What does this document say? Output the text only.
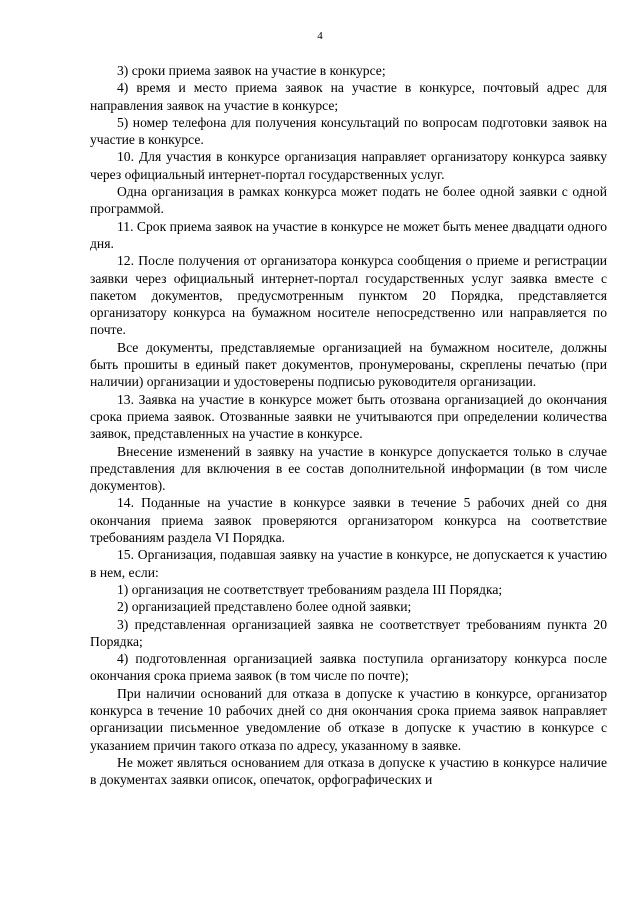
4

3) сроки приема заявок на участие в конкурсе;

4) время и место приема заявок на участие в конкурсе, почтовый адрес для направления заявок на участие в конкурсе;

5) номер телефона для получения консультаций по вопросам подготовки заявок на участие в конкурсе.

10. Для участия в конкурсе организация направляет организатору конкурса заявку через официальный интернет-портал государственных услуг.

Одна организация в рамках конкурса может подать не более одной заявки с одной программой.

11. Срок приема заявок на участие в конкурсе не может быть менее двадцати одного дня.

12. После получения от организатора конкурса сообщения о приеме и регистрации заявки через официальный интернет-портал государственных услуг заявка вместе с пакетом документов, предусмотренным пунктом 20 Порядка, представляется организатору конкурса на бумажном носителе непосредственно или направляется по почте.

Все документы, представляемые организацией на бумажном носителе, должны быть прошиты в единый пакет документов, пронумерованы, скреплены печатью (при наличии) организации и удостоверены подписью руководителя организации.

13. Заявка на участие в конкурсе может быть отозвана организацией до окончания срока приема заявок. Отозванные заявки не учитываются при определении количества заявок, представленных на участие в конкурсе.

Внесение изменений в заявку на участие в конкурсе допускается только в случае представления для включения в ее состав дополнительной информации (в том числе документов).

14. Поданные на участие в конкурсе заявки в течение 5 рабочих дней со дня окончания приема заявок проверяются организатором конкурса на соответствие требованиям раздела VI Порядка.

15. Организация, подавшая заявку на участие в конкурсе, не допускается к участию в нем, если:

1) организация не соответствует требованиям раздела III Порядка;

2) организацией представлено более одной заявки;

3) представленная организацией заявка не соответствует требованиям пункта 20 Порядка;

4) подготовленная организацией заявка поступила организатору конкурса после окончания срока приема заявок (в том числе по почте);

При наличии оснований для отказа в допуске к участию в конкурсе, организатор конкурса в течение 10 рабочих дней со дня окончания срока приема заявок направляет организации письменное уведомление об отказе в допуске к участию в конкурсе с указанием причин такого отказа по адресу, указанному в заявке.

Не может являться основанием для отказа в допуске к участию в конкурсе наличие в документах заявки описок, опечаток, орфографических и
